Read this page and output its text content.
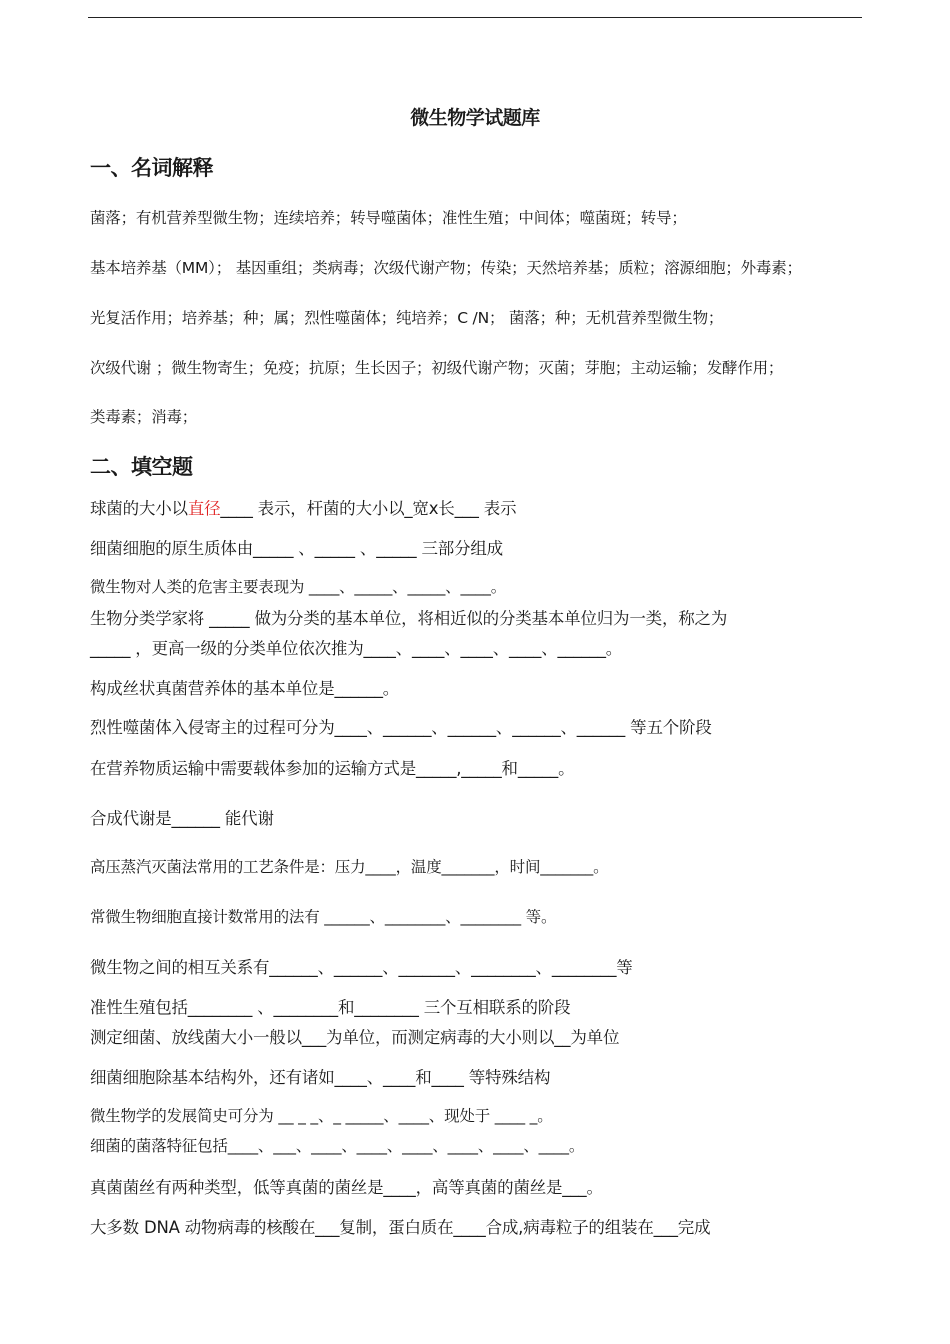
微生物学试题库
一、名词解释
菌落；有机营养型微生物；连续培养；转导噬菌体；准性生殖；中间体；噬菌斑；转导；
基本培养基（MM）； 基因重组；类病毒；次级代谢产物；传染；天然培养基；质粒；溶源细胞；外毒素；
光复活作用；培养基；种；属；烈性噬菌体；纯培养；C /N； 菌落；种；无机营养型微生物；
次级代谢 ；微生物寄生；免疫；抗原；生长因子；初级代谢产物；灭菌；芽胞；主动运输；发酵作用；
类毒素；消毒；
二、填空题
球菌的大小以直径____ 表示，杆菌的大小以_宽x长___ 表示
细菌细胞的原生质体由_____ 、_____ 、_____ 三部分组成
微生物对人类的危害主要表现为 ____、_____、_____、____。
生物分类学家将 _____ 做为分类的基本单位，将相近似的分类基本单位归为一类，称之为
_____ ，更高一级的分类单位依次推为____、____、____、____、______。
构成丝状真菌营养体的基本单位是______。
烈性噬菌体入侵寄主的过程可分为____、______、______、______、______ 等五个阶段
在营养物质运输中需要载体参加的运输方式是_____,_____和_____。
合成代谢是______ 能代谢
高压蒸汽灭菌法常用的工艺条件是：压力____，温度_______，时间_______。
常微生物细胞直接计数常用的法有 ______、________、________ 等。
微生物之间的相互关系有______、______、_______、________、________等
准性生殖包括________ 、________和________ 三个互相联系的阶段
测定细菌、放线菌大小一般以___为单位，而测定病毒的大小则以__为单位
细菌细胞除基本结构外，还有诸如____、____和____ 等特殊结构
微生物学的发展简史可分为 __ _ _、_ _____、____、现处于 ____ _。
细菌的菌落特征包括____、___、____、____、____、____、____、____。
真菌菌丝有两种类型，低等真菌的菌丝是____，高等真菌的菌丝是___。
大多数 DNA 动物病毒的核酸在___复制，蛋白质在____合成,病毒粒子的组装在___完成
